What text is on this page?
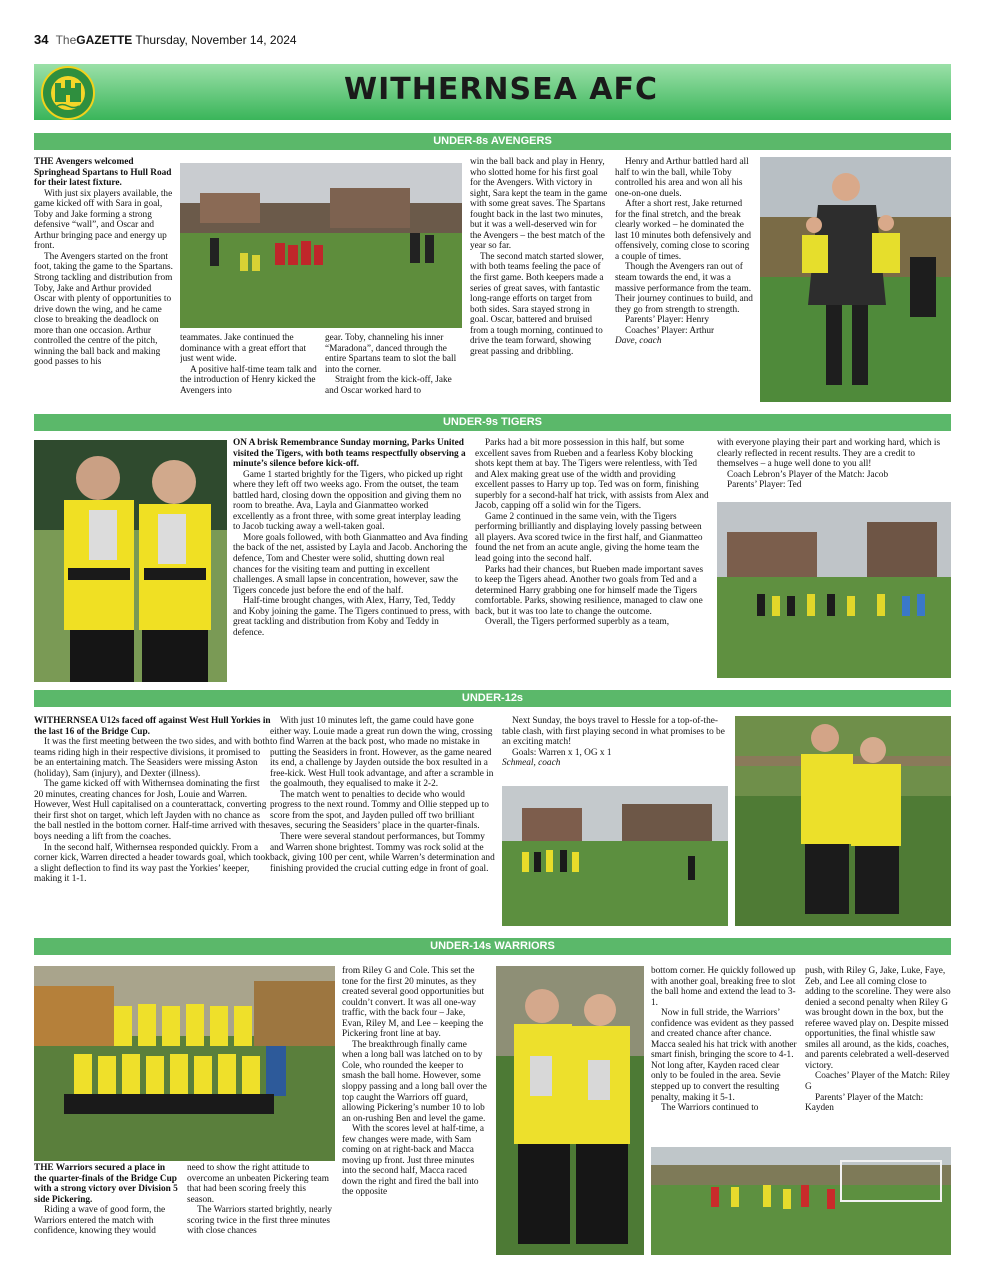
34 TheGAZETTE Thursday, November 14, 2024
WITHERNSEA AFC
UNDER-8s AVENGERS

THE Avengers welcomed Springhead Spartans to Hull Road for their latest fixture.

With just six players available, the game kicked off with Sara in goal, Toby and Jake forming a strong defensive “wall”, and Oscar and Arthur bringing pace and energy up front.

The Avengers started on the front foot, taking the game to the Spartans. Strong tackling and distribution from Toby, Jake and Arthur provided Oscar with plenty of opportunities to drive down the wing, and he came close to breaking the deadlock on more than one occasion. Arthur controlled the centre of the pitch, winning the ball back and making good passes to his

teammates. Jake continued the dominance with a great effort that just went wide.

A positive half-time team talk and the introduction of Henry kicked the Avengers into

gear. Toby, channeling his inner “Maradona”, danced through the entire Spartans team to slot the ball into the corner.

Straight from the kick-off, Jake and Oscar worked hard to

win the ball back and play in Henry, who slotted home for his first goal for the Avengers. With victory in sight, Sara kept the team in the game with some great saves. The Spartans fought back in the last two minutes, but it was a well-deserved win for the Avengers – the best match of the year so far.

The second match started slower, with both teams feeling the pace of the first game. Both keepers made a series of great saves, with fantastic long-range efforts on target from both sides. Sara stayed strong in goal. Oscar, battered and bruised from a tough morning, continued to drive the team forward, showing great passing and dribbling.

Henry and Arthur battled hard all half to win the ball, while Toby controlled his area and won all his one-on-one duels.

After a short rest, Jake returned for the final stretch, and the break clearly worked – he dominated the last 10 minutes both defensively and offensively, coming close to scoring a couple of times.

Though the Avengers ran out of steam towards the end, it was a massive performance from the team. Their journey continues to build, and they go from strength to strength.

Parents’ Player: Henry

Coaches’ Player: Arthur

Dave, coach

UNDER-9s TIGERS

ON A brisk Remembrance Sunday morning, Parks United visited the Tigers, with both teams respectfully observing a minute’s silence before kick-off.

Game 1 started brightly for the Tigers, who picked up right where they left off two weeks ago. From the outset, the team battled hard, closing down the opposition and giving them no room to breathe. Ava, Layla and Gianmatteo worked excellently as a front three, with some great interplay leading to Jacob tucking away a well-taken goal.

More goals followed, with both Gianmatteo and Ava finding the back of the net, assisted by Layla and Jacob. Anchoring the defence, Tom and Chester were solid, shutting down real chances for the visiting team and putting in excellent challenges. A small lapse in concentration, however, saw the Tigers concede just before the end of the half.

Half-time brought changes, with Alex, Harry, Ted, Teddy and Koby joining the game. The Tigers continued to press, with great tackling and distribution from Koby and Teddy in defence.

Parks had a bit more possession in this half, but some excellent saves from Rueben and a fearless Koby blocking shots kept them at bay. The Tigers were relentless, with Ted and Alex making great use of the width and providing excellent passes to Harry up top. Ted was on form, finishing superbly for a second-half hat trick, with assists from Alex and Jacob, capping off a solid win for the Tigers.

Game 2 continued in the same vein, with the Tigers performing brilliantly and displaying lovely passing between all players. Ava scored twice in the first half, and Gianmatteo found the net from an acute angle, giving the home team the lead going into the second half.

Parks had their chances, but Rueben made important saves to keep the Tigers ahead. Another two goals from Ted and a determined Harry grabbing one for himself made the Tigers comfortable. Parks, showing resilience, managed to claw one back, but it was too late to change the outcome.

Overall, the Tigers performed superbly as a team,

with everyone playing their part and working hard, which is clearly reflected in recent results. They are a credit to themselves – a huge well done to you all!

Coach Lebron’s Player of the Match: Jacob

Parents’ Player: Ted

UNDER-12s

WITHERNSEA U12s faced off against West Hull Yorkies in the last 16 of the Bridge Cup.

It was the first meeting between the two sides, and with both teams riding high in their respective divisions, it promised to be an entertaining match. The Seasiders were missing Aston (holiday), Sam (injury), and Dexter (illness).

The game kicked off with Withernsea dominating the first 20 minutes, creating chances for Josh, Louie and Warren. However, West Hull capitalised on a counterattack, converting their first shot on target, which left Jayden with no chance as the ball nestled in the bottom corner. Half-time arrived with the boys needing a lift from the coaches.

In the second half, Withernsea responded quickly. From a corner kick, Warren directed a header towards goal, which took a slight deflection to find its way past the Yorkies’ keeper, making it 1-1.

With just 10 minutes left, the game could have gone either way. Louie made a great run down the wing, crossing to find Warren at the back post, who made no mistake in putting the Seasiders in front. However, as the game neared its end, a challenge by Jayden outside the box resulted in a free-kick. West Hull took advantage, and after a scramble in the goalmouth, they equalised to make it 2-2.

The match went to penalties to decide who would progress to the next round. Tommy and Ollie stepped up to score from the spot, and Jayden pulled off two brilliant saves, securing the Seasiders’ place in the quarter-finals.

There were several standout performances, but Tommy and Warren shone brightest. Tommy was rock solid at the back, giving 100 per cent, while Warren’s determination and finishing provided the crucial cutting edge in front of goal.

Next Sunday, the boys travel to Hessle for a top-of-the-table clash, with first playing second in what promises to be an exciting match!

Goals: Warren x 1, OG x 1

Schmeal, coach

UNDER-14s WARRIORS

THE Warriors secured a place in the quarter-finals of the Bridge Cup with a strong victory over Division 5 side Pickering.

Riding a wave of good form, the Warriors entered the match with confidence, knowing they would

need to show the right attitude to overcome an unbeaten Pickering team that had been scoring freely this season.

The Warriors started brightly, nearly scoring twice in the first three minutes with close chances

from Riley G and Cole. This set the tone for the first 20 minutes, as they created several good opportunities but couldn’t convert. It was all one-way traffic, with the back four – Jake, Evan, Riley M, and Lee – keeping the Pickering front line at bay.

The breakthrough finally came when a long ball was latched on to by Cole, who rounded the keeper to smash the ball home. However, some sloppy passing and a long ball over the top caught the Warriors off guard, allowing Pickering’s number 10 to lob an on-rushing Ben and level the game.

With the scores level at half-time, a few changes were made, with Sam coming on at right-back and Macca moving up front. Just three minutes into the second half, Macca raced down the right and fired the ball into the opposite

bottom corner. He quickly followed up with another goal, breaking free to slot the ball home and extend the lead to 3-1.

Now in full stride, the Warriors’ confidence was evident as they passed and created chance after chance. Macca sealed his hat trick with another smart finish, bringing the score to 4-1. Not long after, Kayden raced clear only to be fouled in the area. Sevie stepped up to convert the resulting penalty, making it 5-1.

The Warriors continued to

push, with Riley G, Jake, Luke, Faye, Zeb, and Lee all coming close to adding to the scoreline. They were also denied a second penalty when Riley G was brought down in the box, but the referee waved play on. Despite missed opportunities, the final whistle saw smiles all around, as the kids, coaches, and parents celebrated a well-deserved victory.

Coaches’ Player of the Match: Riley G

Parents’ Player of the Match: Kayden
